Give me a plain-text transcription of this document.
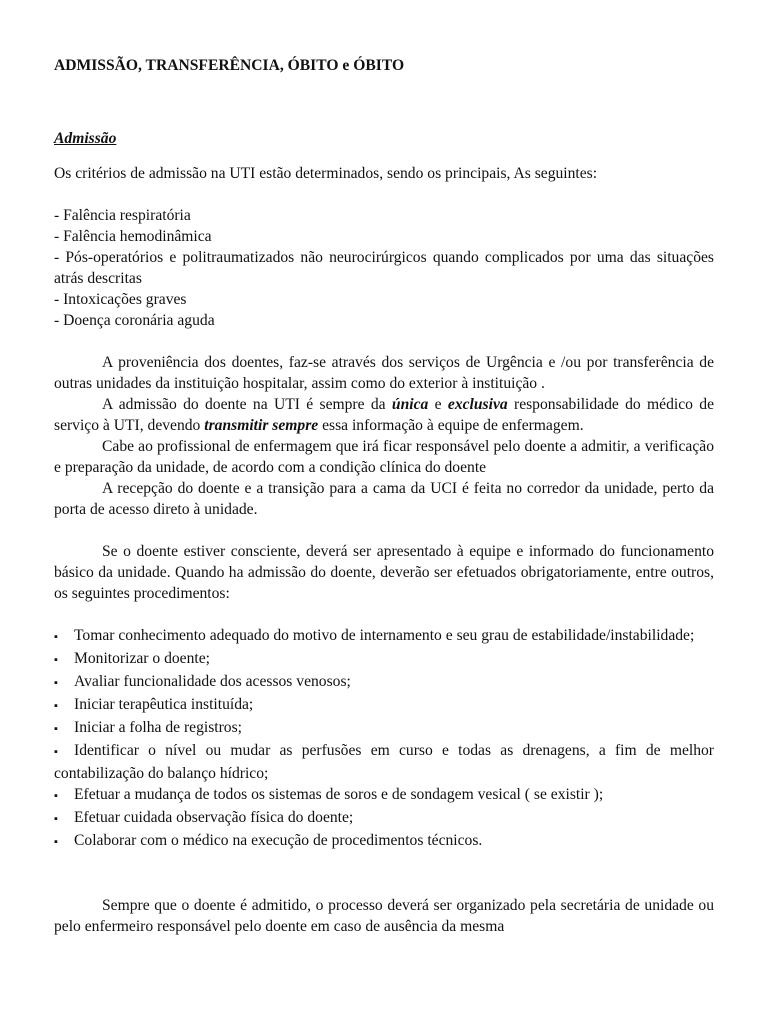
ADMISSÃO, TRANSFERÊNCIA, ÓBITO e ÓBITO
Admissão

Os critérios de admissão na UTI estão determinados, sendo os principais, As seguintes:

- Falência respiratória
- Falência hemodinâmica
- Pós-operatórios e politraumatizados não neurocirúrgicos quando complicados por uma das situações atrás descritas
- Intoxicações graves
- Doença coronária aguda

A proveniência dos doentes, faz-se através dos serviços de Urgência e /ou por transferência de outras unidades da instituição hospitalar, assim como do exterior à instituição .

A admissão do doente na UTI é sempre da única e exclusiva responsabilidade do médico de serviço à UTI, devendo transmitir sempre essa informação à equipe de enfermagem.

Cabe ao profissional de enfermagem que irá ficar responsável pelo doente a admitir, a verificação e preparação da unidade, de acordo com a condição clínica do doente

A recepção do doente e a transição para a cama da UCI é feita no corredor da unidade, perto da porta de acesso direto à unidade.

Se o doente estiver consciente, deverá ser apresentado à equipe e informado do funcionamento básico da unidade. Quando ha admissão do doente, deverão ser efetuados obrigatoriamente, entre outros, os seguintes procedimentos:

▪ Tomar conhecimento adequado do motivo de internamento e seu grau de estabilidade/instabilidade;
▪ Monitorizar o doente;
▪ Avaliar funcionalidade dos acessos venosos;
▪ Iniciar terapêutica instituída;
▪ Iniciar a folha de registros;
▪ Identificar o nível ou mudar as perfusões em curso e todas as drenagens, a fim de melhor contabilização do balanço hídrico;
▪ Efetuar a mudança de todos os sistemas de soros e de sondagem vesical ( se existir );
▪ Efetuar cuidada observação física do doente;
▪ Colaborar com o médico na execução de procedimentos técnicos.

Sempre que o doente é admitido, o processo deverá ser organizado pela secretária de unidade ou pelo enfermeiro responsável pelo doente em caso de ausência da mesma
